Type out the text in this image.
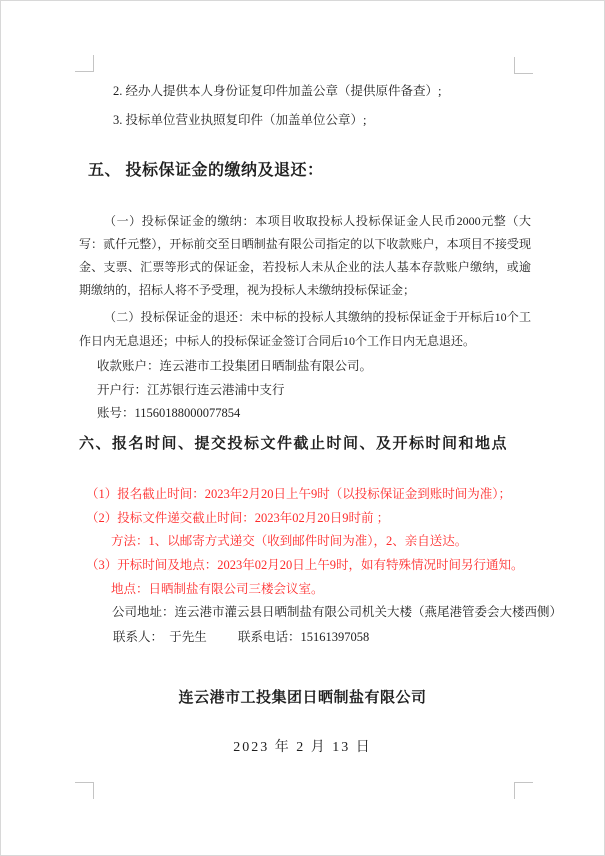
2. 经办人提供本人身份证复印件加盖公章（提供原件备查）;
3. 投标单位营业执照复印件（加盖单位公章）;
五、 投标保证金的缴纳及退还：
（一）投标保证金的缴纳：本项目收取投标人投标保证金人民币2000元整（大写：贰仟元整），开标前交至日晒制盐有限公司指定的以下收款账户，本项目不接受现金、支票、汇票等形式的保证金，若投标人未从企业的法人基本存款账户缴纳，或逾期缴纳的，招标人将不予受理，视为投标人未缴纳投标保证金；
（二）投标保证金的退还：未中标的投标人其缴纳的投标保证金于开标后10个工作日内无息退还；中标人的投标保证金签订合同后10个工作日内无息退还。
收款账户：连云港市工投集团日晒制盐有限公司。
开户行：江苏银行连云港浦中支行
账号：11560188000077854
六、报名时间、提交投标文件截止时间、及开标时间和地点
（1）报名截止时间：2023年2月20日上午9时（以投标保证金到账时间为准）；
（2）投标文件递交截止时间：2023年02月20日9时前 ；
方法：1、以邮寄方式递交（收到邮件时间为准），2、亲自送达。
（3）开标时间及地点：2023年02月20日上午9时，如有特殊情况时间另行通知。
地点：日晒制盐有限公司三楼会议室。
公司地址：连云港市灌云县日晒制盐有限公司机关大楼（燕尾港管委会大楼西侧）
联系人：  于先生          联系电话：15161397058
连云港市工投集团日晒制盐有限公司
2023 年 2 月 13 日
